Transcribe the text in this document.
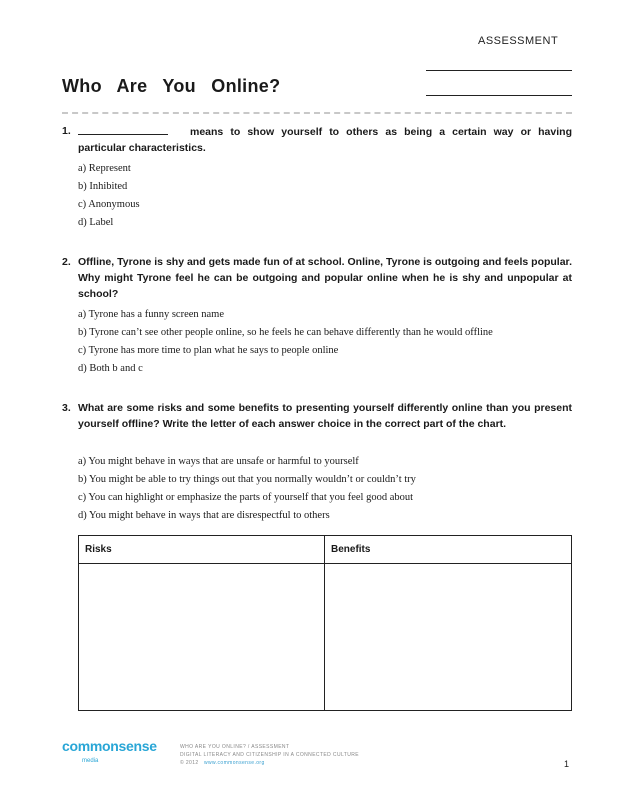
ASSESSMENT
Who Are You Online?
1.	means to show yourself to others as being a certain way or having particular characteristics.
a) Represent
b) Inhibited
c) Anonymous
d) Label
2. Offline, Tyrone is shy and gets made fun of at school. Online, Tyrone is outgoing and feels popular. Why might Tyrone feel he can be outgoing and popular online when he is shy and unpopular at school?
a) Tyrone has a funny screen name
b) Tyrone can’t see other people online, so he feels he can behave differently than he would offline
c) Tyrone has more time to plan what he says to people online
d) Both b and c
3. What are some risks and some benefits to presenting yourself differently online than you present yourself offline? Write the letter of each answer choice in the correct part of the chart.
a) You might behave in ways that are unsafe or harmful to yourself
b) You might be able to try things out that you normally wouldn’t or couldn’t try
c) You can highlight or emphasize the parts of yourself that you feel good about
d) You might behave in ways that are disrespectful to others
Risks	Benefits
commonsense
media
WHO ARE YOU ONLINE? / ASSESSMENT
DIGITAL LITERACY AND CITIZENSHIP IN A CONNECTED CULTURE
© 2012 www.commonsense.org	1
